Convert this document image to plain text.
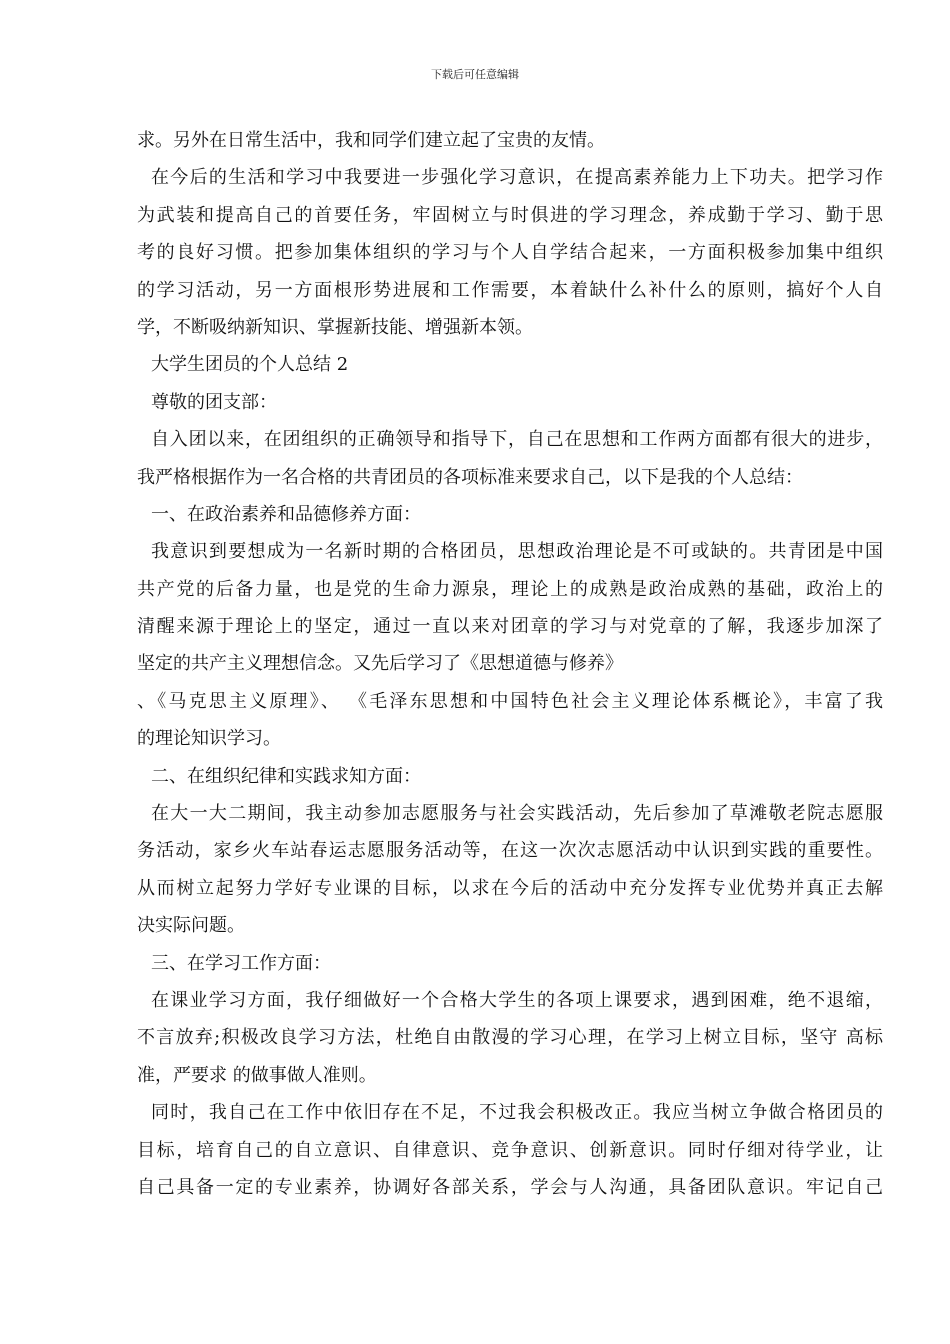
下载后可任意编辑
求。另外在日常生活中，我和同学们建立起了宝贵的友情。
在今后的生活和学习中我要进一步强化学习意识，在提高素养能力上下功夫。把学习作
为武装和提高自己的首要任务，牢固树立与时俱进的学习理念，养成勤于学习、勤于思
考的良好习惯。把参加集体组织的学习与个人自学结合起来，一方面积极参加集中组织
的学习活动，另一方面根形势进展和工作需要，本着缺什么补什么的原则，搞好个人自
学，不断吸纳新知识、掌握新技能、增强新本领。
大学生团员的个人总结 2
尊敬的团支部：
自入团以来，在团组织的正确领导和指导下，自己在思想和工作两方面都有很大的进步，
我严格根据作为一名合格的共青团员的各项标准来要求自己，以下是我的个人总结：
一、在政治素养和品德修养方面：
我意识到要想成为一名新时期的合格团员，思想政治理论是不可或缺的。共青团是中国
共产党的后备力量，也是党的生命力源泉，理论上的成熟是政治成熟的基础，政治上的
清醒来源于理论上的坚定，通过一直以来对团章的学习与对党章的了解，我逐步加深了
坚定的共产主义理想信念。又先后学习了《思想道德与修养》
、《马克思主义原理》、 《毛泽东思想和中国特色社会主义理论体系概论》，丰富了我
的理论知识学习。
二、在组织纪律和实践求知方面：
在大一大二期间，我主动参加志愿服务与社会实践活动，先后参加了草滩敬老院志愿服
务活动，家乡火车站春运志愿服务活动等，在这一次次志愿活动中认识到实践的重要性。
从而树立起努力学好专业课的目标，以求在今后的活动中充分发挥专业优势并真正去解
决实际问题。
三、在学习工作方面：
在课业学习方面，我仔细做好一个合格大学生的各项上课要求，遇到困难，绝不退缩，
不言放弃;积极改良学习方法，杜绝自由散漫的学习心理，在学习上树立目标，坚守 高标
准，严要求 的做事做人准则。
同时，我自己在工作中依旧存在不足，不过我会积极改正。我应当树立争做合格团员的
目标，培育自己的自立意识、自律意识、竞争意识、创新意识。同时仔细对待学业，让
自己具备一定的专业素养，协调好各部关系，学会与人沟通，具备团队意识。牢记自己
